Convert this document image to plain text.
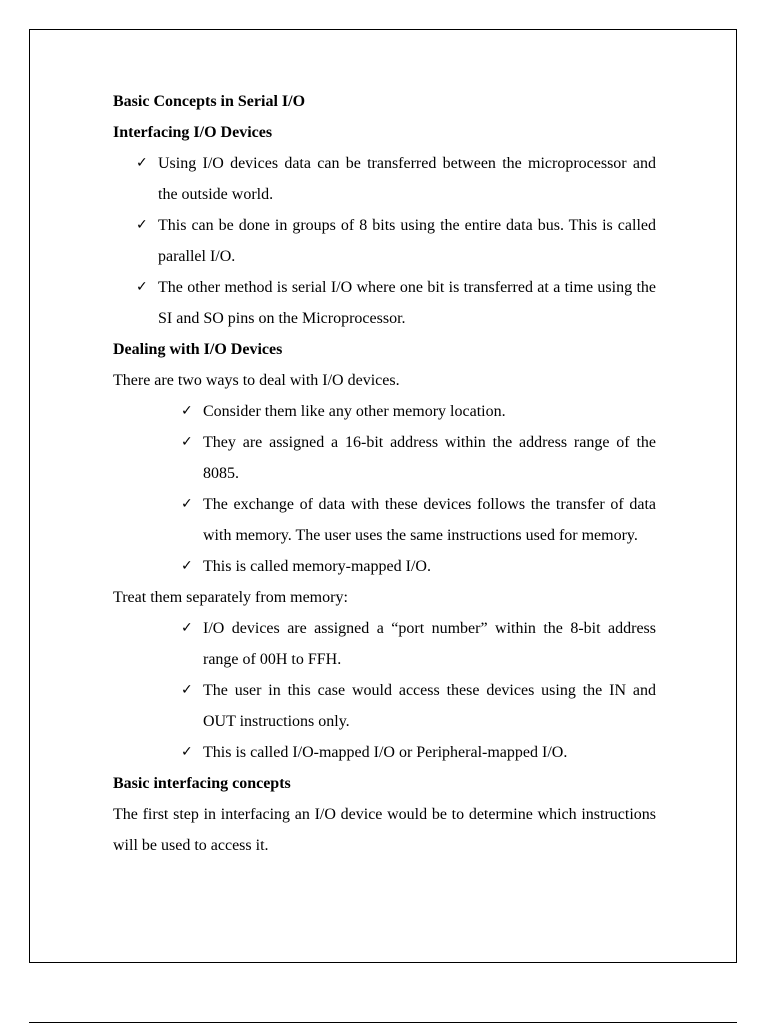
Basic Concepts in Serial I/O

Interfacing I/O Devices

✓ Using I/O devices data can be transferred between the microprocessor and the outside world.
✓ This can be done in groups of 8 bits using the entire data bus. This is called parallel I/O.
✓ The other method is serial I/O where one bit is transferred at a time using the SI and SO pins on the Microprocessor.

Dealing with I/O Devices

There are two ways to deal with I/O devices.

✓ Consider them like any other memory location.
✓ They are assigned a 16-bit address within the address range of the 8085.
✓ The exchange of data with these devices follows the transfer of data with memory. The user uses the same instructions used for memory.
✓ This is called memory-mapped I/O.

Treat them separately from memory:

✓ I/O devices are assigned a “port number” within the 8-bit address range of 00H to FFH.
✓ The user in this case would access these devices using the IN and OUT instructions only.
✓ This is called I/O-mapped I/O or Peripheral-mapped I/O.

Basic interfacing concepts

The first step in interfacing an I/O device would be to determine which instructions will be used to access it.
